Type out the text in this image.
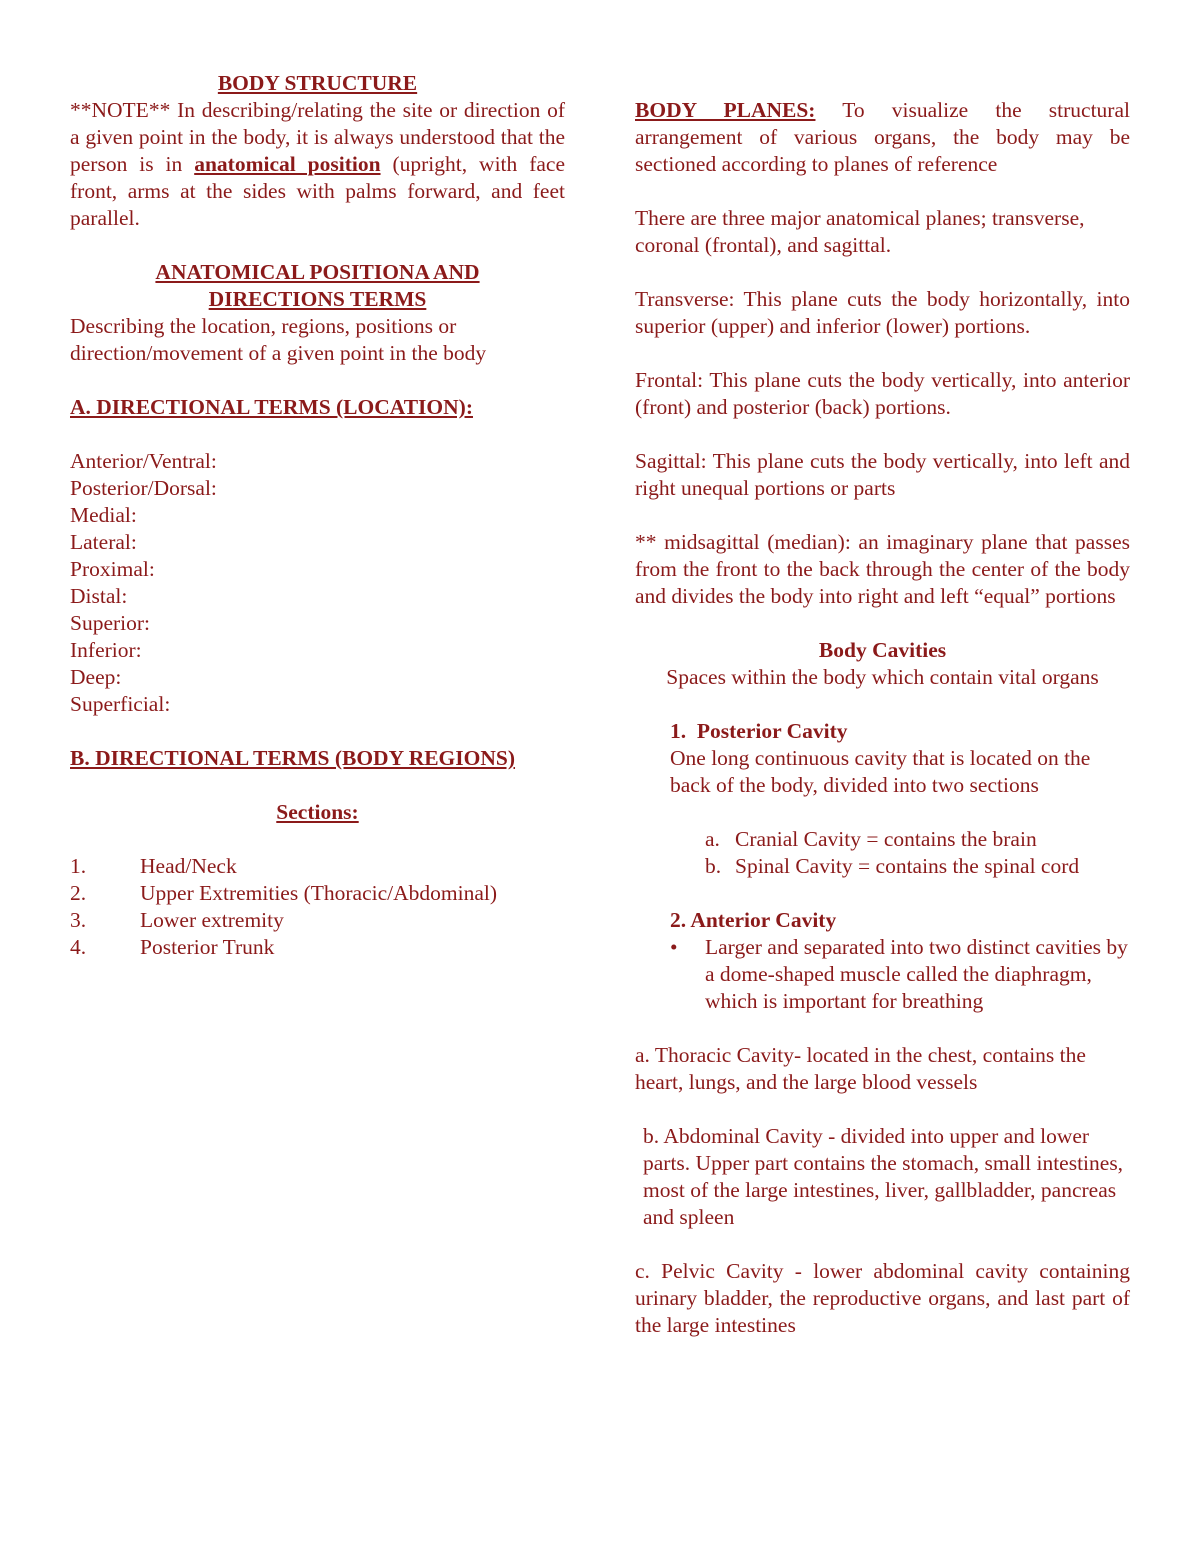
BODY STRUCTURE

**NOTE** In describing/relating the site or direction of a given point in the body, it is always understood that the person is in anatomical position (upright, with face front, arms at the sides with palms forward, and feet parallel.

ANATOMICAL POSITIONA AND

DIRECTIONS TERMS

Describing the location, regions, positions or direction/movement of a given point in the body

A. DIRECTIONAL TERMS (LOCATION):

Anterior/Ventral:
Posterior/Dorsal:
Medial:
Lateral:
Proximal:
Distal:
Superior:
Inferior:
Deep:
Superficial:

B. DIRECTIONAL TERMS (BODY REGIONS)

Sections:

1.	Head/Neck
2.	Upper Extremities (Thoracic/Abdominal)
3.	Lower extremity
4.	Posterior Trunk

BODY PLANES: To visualize the structural arrangement of various organs, the body may be sectioned according to planes of reference

There are three major anatomical planes; transverse, coronal (frontal), and sagittal.

Transverse: This plane cuts the body horizontally, into superior (upper) and inferior (lower) portions.

Frontal: This plane cuts the body vertically, into anterior (front) and posterior (back) portions.

Sagittal: This plane cuts the body vertically, into left and right unequal portions or parts

** midsagittal (median): an imaginary plane that passes from the front to the back through the center of the body and divides the body into right and left “equal” portions

Body Cavities

Spaces within the body which contain vital organs

1. Posterior Cavity

One long continuous cavity that is located on the back of the body, divided into two sections

a. Cranial Cavity = contains the brain
b. Spinal Cavity = contains the spinal cord

2. Anterior Cavity

•	Larger and separated into two distinct cavities by a dome-shaped muscle called the diaphragm, which is important for breathing

a. Thoracic Cavity- located in the chest, contains the heart, lungs, and the large blood vessels

b. Abdominal Cavity - divided into upper and lower parts. Upper part contains the stomach, small intestines, most of the large intestines, liver, gallbladder, pancreas and spleen

c. Pelvic Cavity - lower abdominal cavity containing urinary bladder, the reproductive organs, and last part of the large intestines
